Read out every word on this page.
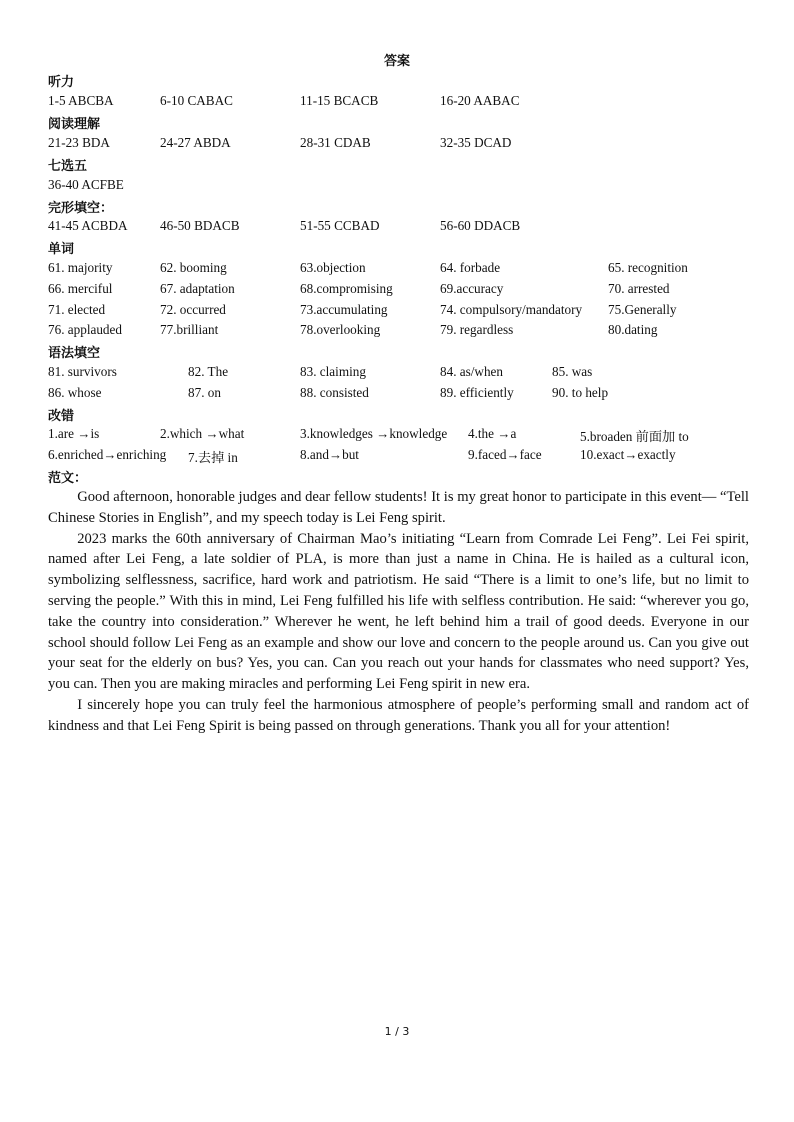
答案
听力
1-5 ABCBA	6-10 CABAC	11-15 BCACB	16-20 AABAC
阅读理解
21-23 BDA	24-27 ABDA	28-31 CDAB	32-35 DCAD
七选五
36-40 ACFBE
完形填空：
41-45 ACBDA 46-50 BDACB	51-55 CCBAD	56-60 DDACB
单词
61. majority	62. booming	63.objection	64. forbade	65. recognition
66. merciful	67. adaptation	68.compromising	69.accuracy	70. arrested
71. elected	72. occurred	73.accumulating	74. compulsory/mandatory 75.Generally
76. applauded	77.brilliant	78.overlooking	79. regardless	80.dating
语法填空
81. survivors	82. The	83. claiming	84. as/when	85. was
86. whose	87. on	88. consisted	89. efficiently	90. to help
改错
1.are →is	2.which →what	3.knowledges →knowledge 4.the →a	5.broaden 前面加 to
6.enriched→enriching 7.去掉 in	8.and→but	9.faced→face	10.exact→exactly
范文：

Good afternoon, honorable judges and dear fellow students! It is my great honor to participate in this event— “Tell Chinese Stories in English”, and my speech today is Lei Feng spirit.

2023 marks the 60th anniversary of Chairman Mao’s initiating “Learn from Comrade Lei Feng”. Lei Fei spirit, named after Lei Feng, a late soldier of PLA, is more than just a name in China. He is hailed as a cultural icon, symbolizing selflessness, sacrifice, hard work and patriotism. He said “There is a limit to one’s life, but no limit to serving the people.” With this in mind, Lei Feng fulfilled his life with selfless contribution. He said: “wherever you go, take the country into consideration.” Wherever he went, he left behind him a trail of good deeds. Everyone in our school should follow Lei Feng as an example and show our love and concern to the people around us. Can you give out your seat for the elderly on bus? Yes, you can. Can you reach out your hands for classmates who need support? Yes, you can. Then you are making miracles and performing Lei Feng spirit in new era.

I sincerely hope you can truly feel the harmonious atmosphere of people’s performing small and random act of kindness and that Lei Feng Spirit is being passed on through generations. Thank you all for your attention!

1 / 3
